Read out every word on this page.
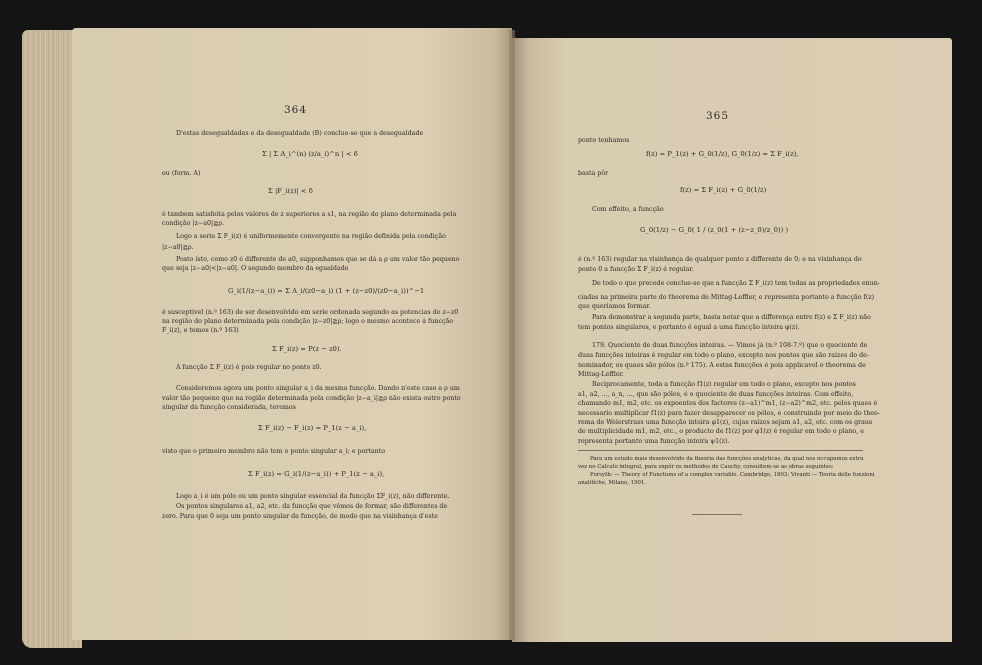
364
D'estas desegualdades e da desegualdade (B) conclue-se que a desegualdade
Σ | Σ A_i^(n) (z/a_i)^n | < δ
ou (form. A)
Σ |F_i(z)| < δ
é tambem satisfeita pelos valores de z superiores a s1, na região do plano determinada pela
condição |z−a0|≧ρ.
Logo a serie Σ F_i(z) é uniformemente convergente na região definida pela condição
|z−a0|≧ρ.
Posto isto, como z0 é differente de a0, supponhamos que se dá a ρ um valor tão pequeno
que seja |z−a0|<|z−a0|. O segundo membro da egualdade
G_i(1/(z−a_i)) = Σ A_i/(z0−a_i) (1 + (z−z0)/(z0−a_i))^−1
é susceptivel (n.º 163) de ser desenvolvido em serie ordenada segundo as potencias de z−z0
na região do plano determinada pela condição |z−z0|≧ρ; logo o mesmo acontece á funcção
F_i(z), e temos (n.º 163)
Σ F_i(z) = P(z − z0).
A funcção Σ F_i(z) é pois regular no ponto z0.
Consideremos agora um ponto singular a_i da mesma funcção. Dando n'este caso a ρ um
valor tão pequeno que na região determinada pela condição |z−a_i|≧ρ não exista outro ponto
singular da funcção considerada, teremos
Σ F_i(z) − F_i(z) = P_1(z − a_i),
visto que o primeiro membro não tem o ponto singular a_i; e portanto
Σ F_i(z) = G_i(1/(z−a_i)) + P_1(z − a_i),
Logo a_i é um pólo ou um ponto singular essencial da funcção ΣF_i(z), não differente.
Os pontos singulares a1, a2, etc. da funcção que vêmos de formar, são differentes de
zero. Para que 0 seja um ponto singular da funcção, de modo que na visinhança d'este
365
ponto tenhamos
f(z) = P_1(z) + G_0(1/z), G_0(1/z) = Σ F_i(z),
basta pôr
f(z) = Σ F_i(z) + G_0(1/z)
Com effeito, a funcção
G_0(1/z) − G_0( 1 / (z_0(1 + (z−z_0)/z_0)) )
é (n.º 163) regular na visinhança de qualquer ponto z differente de 0; e na visinhança do
ponto 0 a funcção Σ F_i(z) é regular.
De todo o que precede conclue-se que a funcção Σ F_i(z) tem todas as propriedades enun-
ciadas na primeira parte do theorema de Mittag-Leffler, e representa portanto a funcção f(z)
que queriamos formar.
Para demonstrar a segunda parte, basta notar que a differença entre f(z) e Σ F_i(z) não
tem pontos singulares, e portanto é egual a uma funcção inteira φ(z).
179. Quociente de duas funcções inteiras. — Vimos já (n.º 108-7.º) que o quociente de
duas funcções inteiras é regular em todo o plano, excepto nos pontos que são raizes do de-
nominador, os quaes são pólos (n.º 175). A estas funcções é pois applicavel o theorema de
Mittag-Leffler.
Reciprocamente, toda a funcção f1(z) regular em todo o plano, excepto nos pontos
a1, a2, ..., a_n, ..., que são pólos, é o quociente de duas funcções inteiras. Com effeito,
chamando m1, m2, etc. os expoentes dos factores (z−a1)^m1, (z−a2)^m2, etc. pelos quaes é
necessario multiplicar f1(z) para fazer desapparecer os pólos, e construindo por meio do theo-
rema de Weierstrass uma funcção inteira φ1(z), cujas raizes sejam a1, a2, etc. com os graus
de multiplicidade m1, m2, etc., o producto de f1(z) por φ1(z) é regular em todo o plano, e
representa portanto uma funcção inteira ψ1(z).
Para um estudo mais desenvolvido da theoria das funcções analyticas, da qual nos occupamos extra
vez no Calculo integral, para expôr os methodos de Cauchy, consultem-se as obras seguintes:
Forsyth: — Theory of Functions of a complex variable. Cambridge, 1893; Vivanti — Teoria delle funzioni
analitiche, Milano, 1901.
